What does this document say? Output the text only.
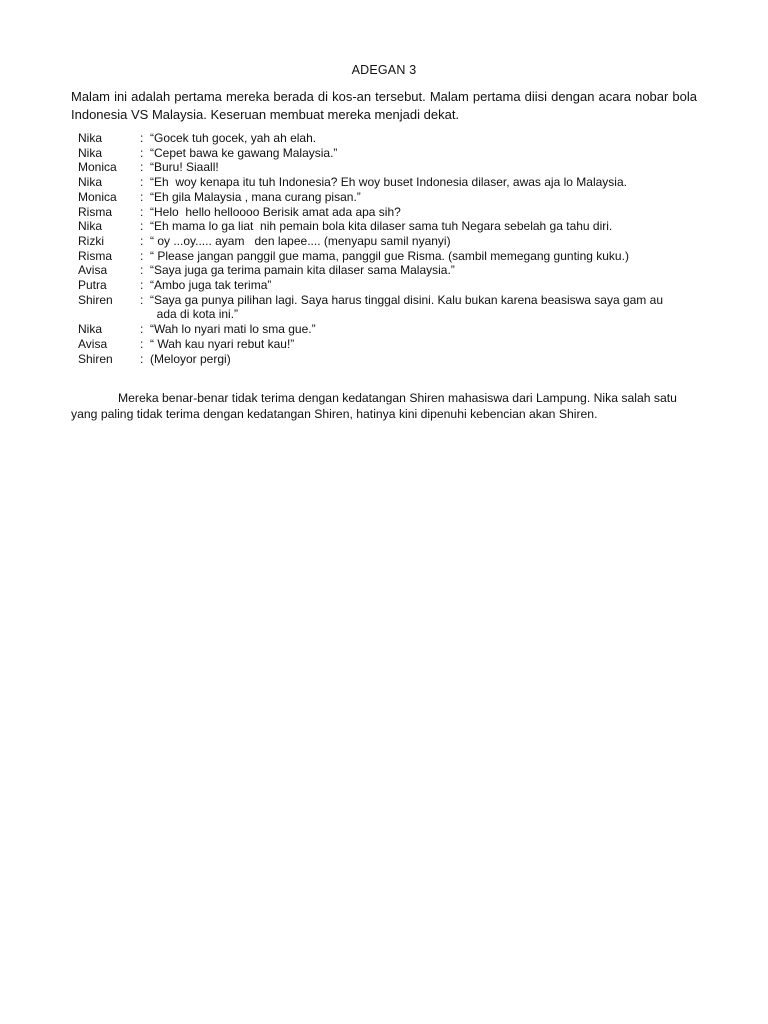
ADEGAN 3

Malam ini adalah pertama mereka berada di kos-an tersebut. Malam pertama diisi dengan acara nobar bola Indonesia VS Malaysia. Keseruan membuat mereka menjadi dekat.

Nika	: “Gocek tuh gocek, yah ah elah.
Nika	: “Cepet bawa ke gawang Malaysia.”
Monica	: “Buru! Siaall!
Nika	: “Eh  woy kenapa itu tuh Indonesia? Eh woy buset Indonesia dilaser, awas aja lo Malaysia.
Monica	: “Eh gila Malaysia , mana curang pisan.”
Risma	: “Helo  hello helloooo Berisik amat ada apa sih?
Nika	: “Eh mama lo ga liat  nih pemain bola kita dilaser sama tuh Negara sebelah ga tahu diri.
Rizki	: “ oy ...oy..... ayam   den lapee.... (menyapu samil nyanyi)
Risma	: “ Please jangan panggil gue mama, panggil gue Risma. (sambil memegang gunting kuku.)
Avisa	: “Saya juga ga terima pamain kita dilaser sama Malaysia.”
Putra	: “Ambo juga tak terima”
Shiren	: “Saya ga punya pilihan lagi. Saya harus tinggal disini. Kalu bukan karena beasiswa saya gam au
ada di kota ini.”
Nika	: “Wah lo nyari mati lo sma gue.”
Avisa	: “ Wah kau nyari rebut kau!”
Shiren	: (Meloyor pergi)

Mereka benar-benar tidak terima dengan kedatangan Shiren mahasiswa dari Lampung. Nika salah satu yang paling tidak terima dengan kedatangan Shiren, hatinya kini dipenuhi kebencian akan Shiren.
